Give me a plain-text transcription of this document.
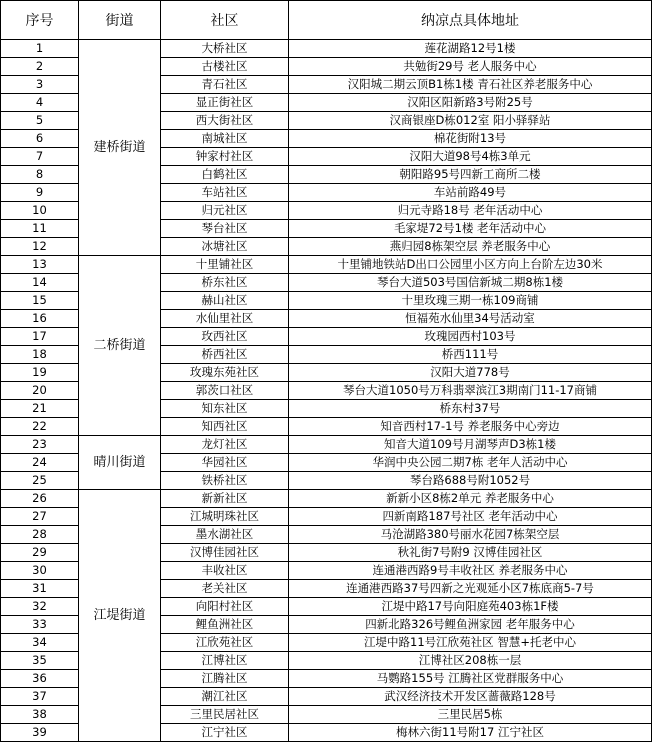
序号	街道	社区	纳凉点具体地址
1	建桥街道	大桥社区	莲花湖路12号1楼
2		古楼社区	共勉街29号 老人服务中心
3		青石社区	汉阳城二期云顶B1栋1楼 青石社区养老服务中心
4		显正街社区	汉阳区阳新路3号附25号
5		西大街社区	汉商银座D栋012室 阳小驿驿站
6		南城社区	棉花街附13号
7		钟家村社区	汉阳大道98号4栋3单元
8		白鹤社区	朝阳路95号四新工商所二楼
9		车站社区	车站前路49号
10		归元社区	归元寺路18号 老年活动中心
11		琴台社区	毛家堤72号1楼 老年活动中心
12		冰塘社区	燕归园8栋架空层 养老服务中心
13	二桥街道	十里铺社区	十里铺地铁站D出口公园里小区方向上台阶左边30米
14		桥东社区	琴台大道503号国信新城二期8栋1楼
15		赫山社区	十里玫瑰三期一栋109商铺
16		水仙里社区	恒福苑水仙里34号活动室
17		玫西社区	玫瑰园西村103号
18		桥西社区	桥西111号
19		玫瑰东苑社区	汉阳大道778号
20		郭茨口社区	琴台大道1050号万科翡翠滨江3期南门11-17商铺
21		知东社区	桥东村37号
22		知西社区	知音西村17-1号 养老服务中心旁边
23	晴川街道	龙灯社区	知音大道109号月湖琴声D3栋1楼
24		华园社区	华润中央公园二期7栋 老年人活动中心
25		铁桥社区	琴台路688号附1052号
26	江堤街道	新新社区	新新小区8栋2单元 养老服务中心
27		江城明珠社区	四新南路187号社区 老年活动中心
28		墨水湖社区	马沧湖路380号丽水花园7栋架空层
29		汉博佳园社区	秋礼街7号附9 汉博佳园社区
30		丰收社区	连通港西路9号丰收社区 养老服务中心
31		老关社区	连通港西路37号四新之光观延小区7栋底商5-7号
32		向阳村社区	江堤中路17号向阳庭苑403栋1F楼
33		鲤鱼洲社区	四新北路326号鲤鱼洲家园 老年服务中心
34		江欣苑社区	江堤中路11号江欣苑社区 智慧+托老中心
35		江博社区	江博社区208栋一层
36		江腾社区	马鹦路155号 江腾社区党群服务中心
37		潮江社区	武汉经济技术开发区蔷薇路128号
38		三里民居社区	三里民居5栋
39		江宁社区	梅林六街11号附17 江宁社区
